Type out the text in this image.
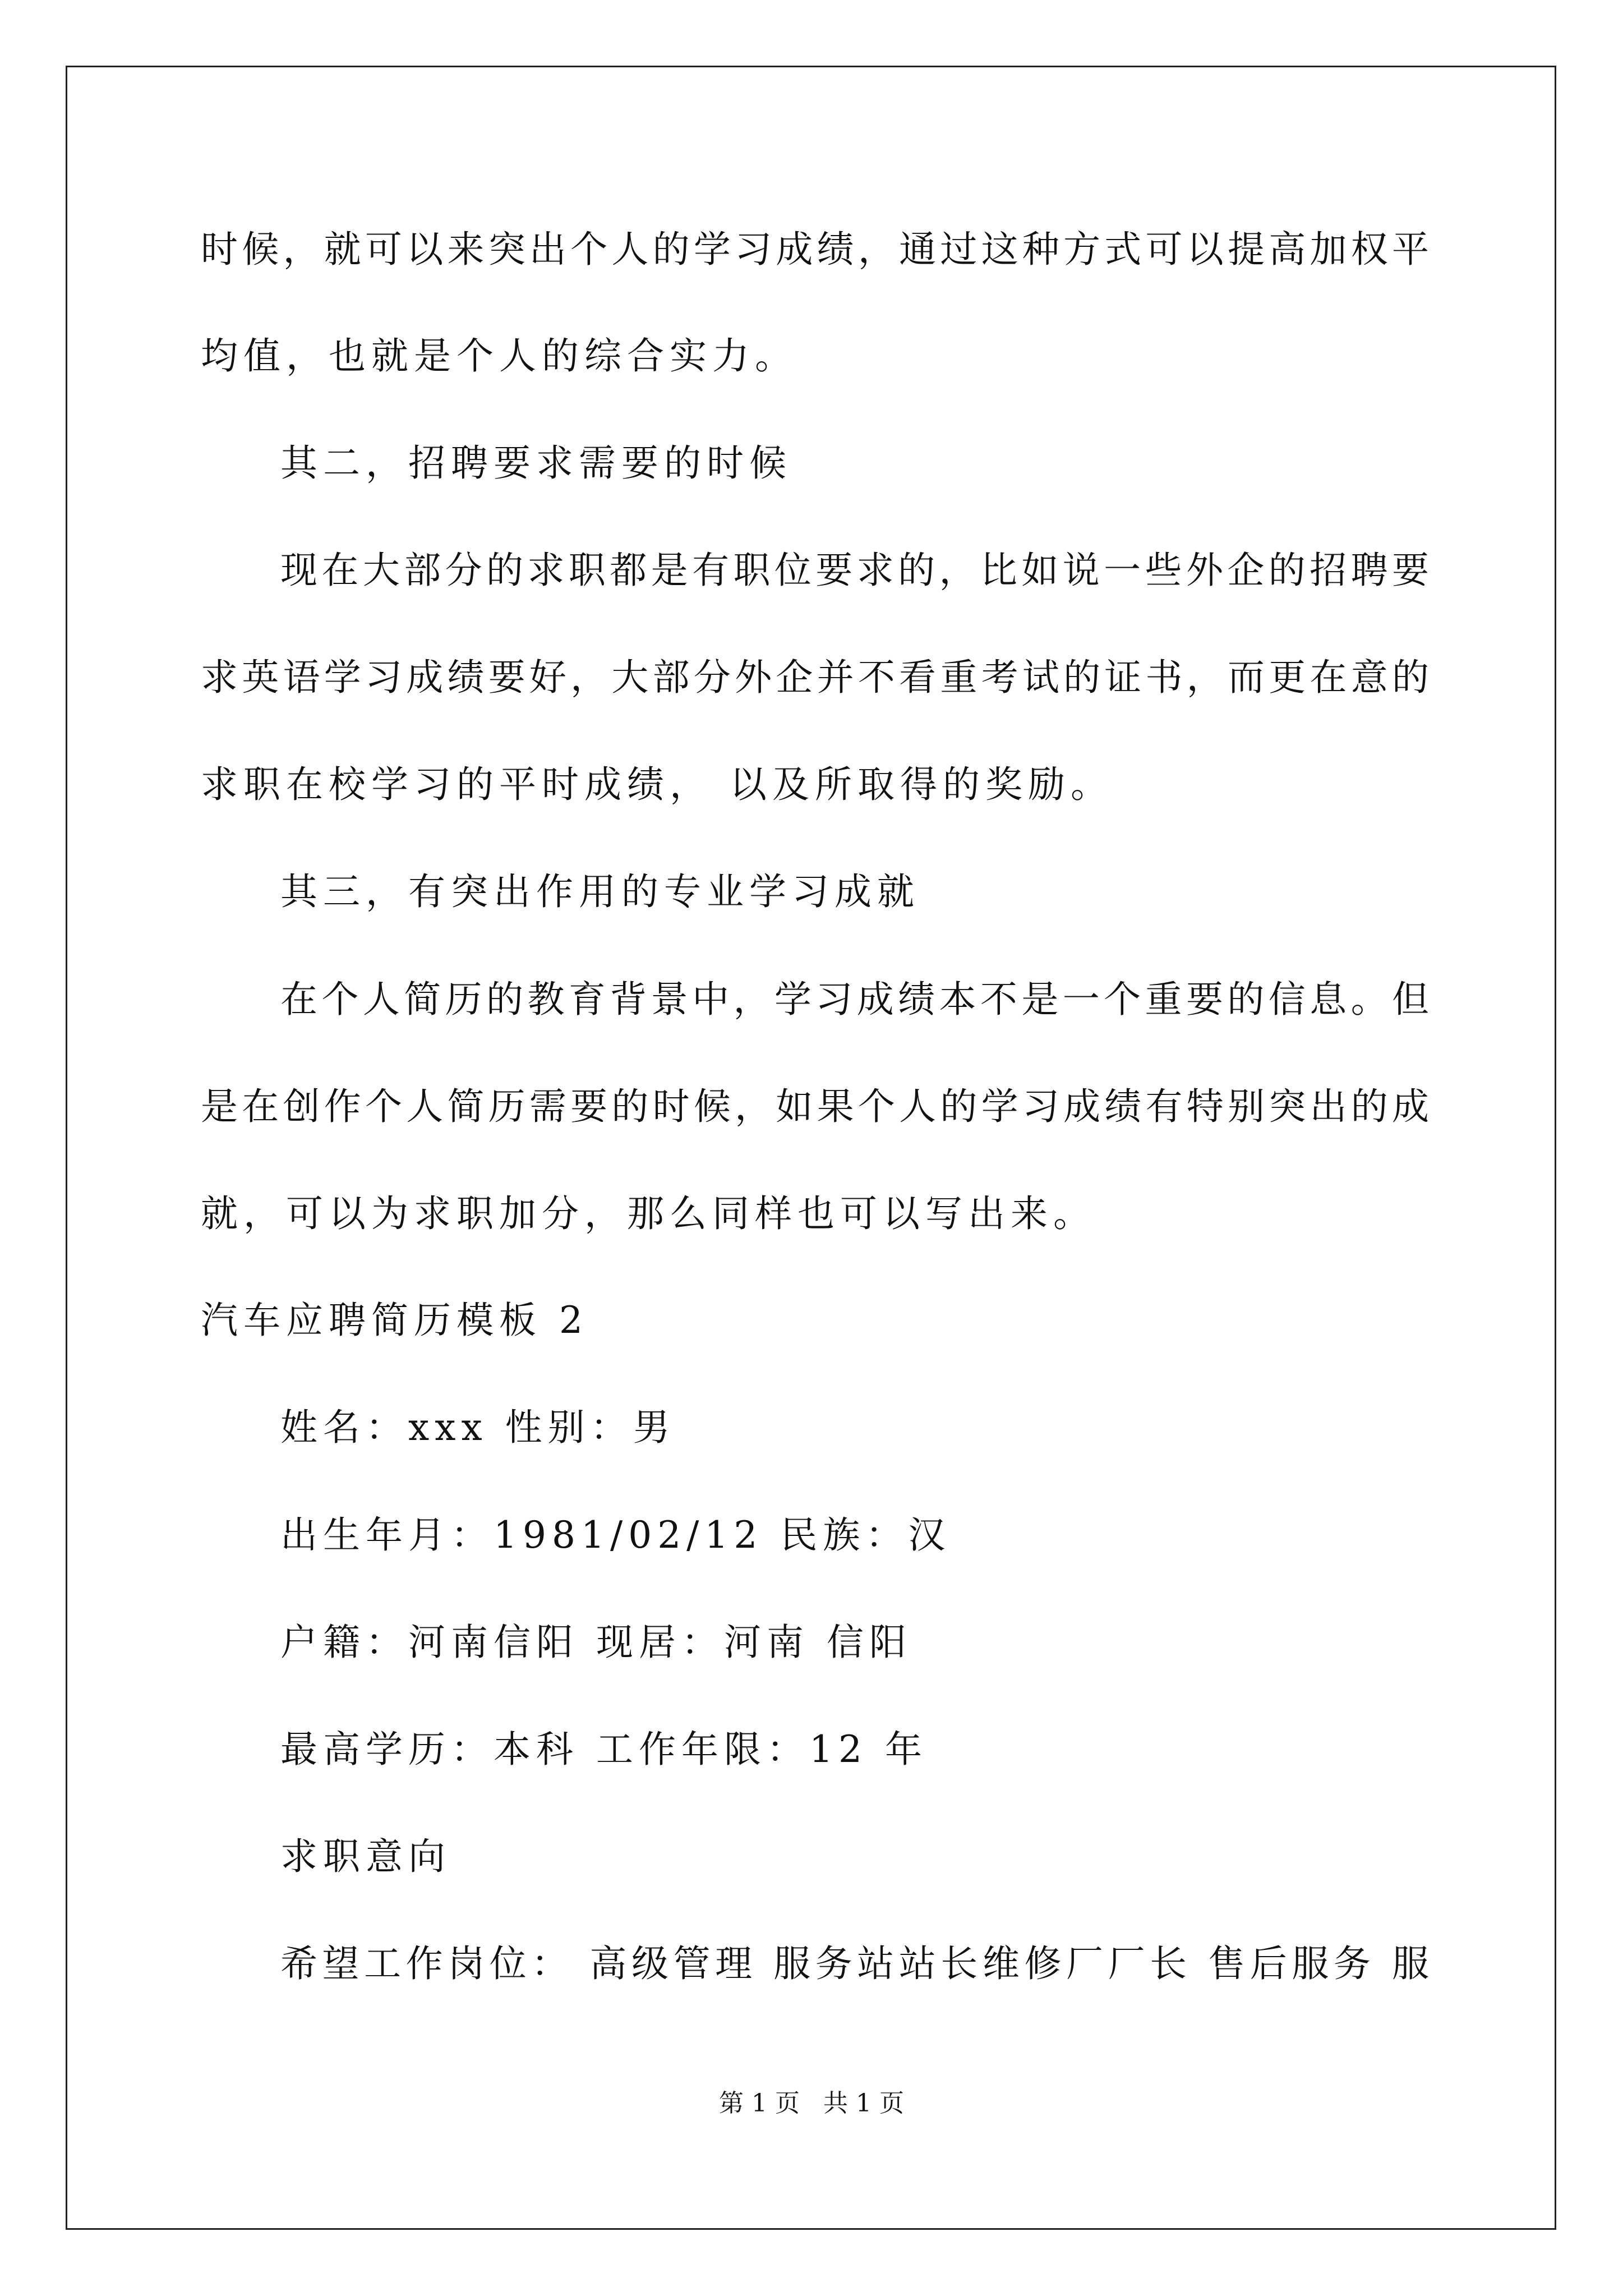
时候，就可以来突出个人的学习成绩，通过这种方式可以提高加权平
均值，也就是个人的综合实力。
其二，招聘要求需要的时候
现在大部分的求职都是有职位要求的，比如说一些外企的招聘要
求英语学习成绩要好，大部分外企并不看重考试的证书，而更在意的
求职在校学习的平时成绩， 以及所取得的奖励。
其三，有突出作用的专业学习成就
在个人简历的教育背景中，学习成绩本不是一个重要的信息。但
是在创作个人简历需要的时候，如果个人的学习成绩有特别突出的成
就，可以为求职加分，那么同样也可以写出来。
汽车应聘简历模板 2
姓名：xxx 性别：男
出生年月：1981/02/12 民族：汉
户籍：河南信阳 现居：河南 信阳
最高学历：本科 工作年限：12 年
求职意向
希望工作岗位： 高级管理 服务站站长维修厂厂长 售后服务 服
第 1 页   共 1 页
